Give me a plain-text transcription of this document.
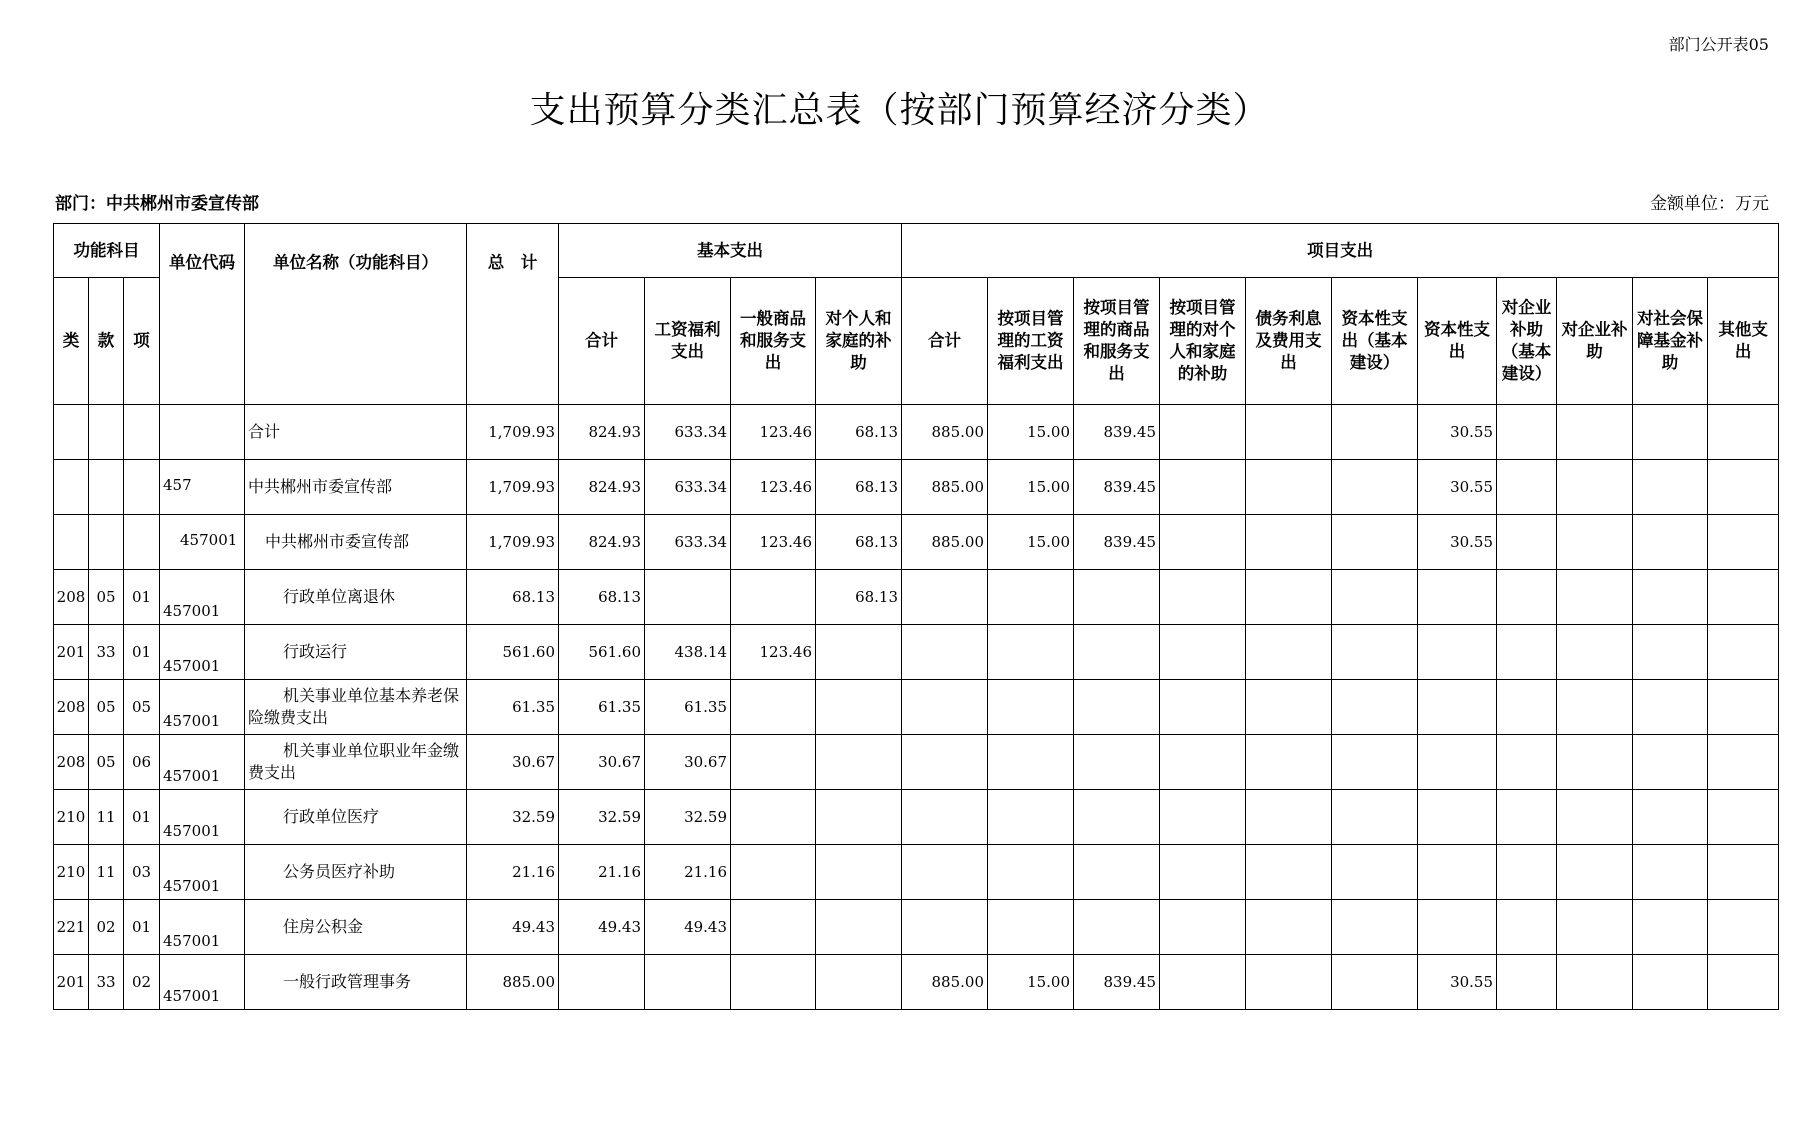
部门公开表05
支出预算分类汇总表（按部门预算经济分类）
部门：中共郴州市委宣传部	金额单位：万元
功能科目			单位代码	单位名称（功能科目）	总　计	基本支出				项目支出										
类	款	项				合计	工资福利支出	一般商品和服务支出	对个人和家庭的补助	合计	按项目管理的工资福利支出	按项目管理的商品和服务支出	按项目管理的对个人和家庭的补助	债务利息及费用支出	资本性支出（基本建设）	资本性支出	对企业补助（基本建设）	对企业补助	对社会保障基金补助	其他支出
				合计	1,709.93	824.93	633.34	123.46	68.13	885.00	15.00	839.45				30.55				
			457	中共郴州市委宣传部	1,709.93	824.93	633.34	123.46	68.13	885.00	15.00	839.45				30.55				
			457001	中共郴州市委宣传部	1,709.93	824.93	633.34	123.46	68.13	885.00	15.00	839.45				30.55				
208	05	01	457001	行政单位离退休	68.13	68.13			68.13											
201	33	01	457001	行政运行	561.60	561.60	438.14	123.46												
208	05	05	457001	机关事业单位基本养老保险缴费支出	61.35	61.35	61.35													
208	05	06	457001	机关事业单位职业年金缴费支出	30.67	30.67	30.67													
210	11	01	457001	行政单位医疗	32.59	32.59	32.59													
210	11	03	457001	公务员医疗补助	21.16	21.16	21.16													
221	02	01	457001	住房公积金	49.43	49.43	49.43													
201	33	02	457001	一般行政管理事务	885.00					885.00	15.00	839.45				30.55				
